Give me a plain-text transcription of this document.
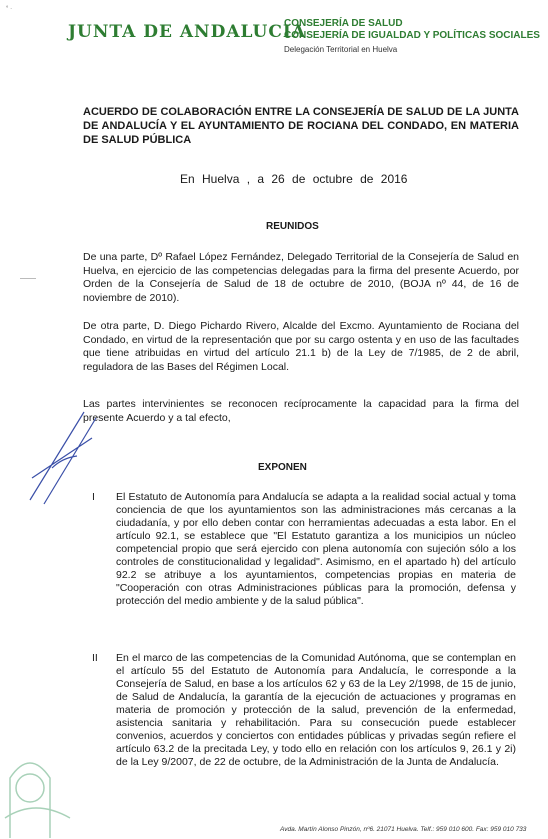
° ·
JUNTA DE ANDALUCIA
CONSEJERÍA DE SALUD
CONSEJERÍA DE IGUALDAD Y POLÍTICAS SOCIALES
Delegación Territorial en Huelva
ACUERDO DE COLABORACIÓN ENTRE LA CONSEJERÍA DE SALUD DE LA JUNTA DE ANDALUCÍA Y EL AYUNTAMIENTO DE ROCIANA DEL CONDADO, EN MATERIA DE SALUD PÚBLICA
En Huelva , a 26 de octubre de 2016
REUNIDOS
De una parte, Dº Rafael López Fernández, Delegado Territorial de la Consejería de Salud en Huelva, en ejercicio de las competencias delegadas para la firma del presente Acuerdo, por Orden de la Consejería de Salud de 18 de octubre de 2010, (BOJA nº 44, de 16 de noviembre de 2010).
De otra parte, D. Diego Pichardo Rivero, Alcalde del Excmo. Ayuntamiento de Rociana del Condado, en virtud de la representación que por su cargo ostenta y en uso de las facultades que tiene atribuidas en virtud del artículo 21.1 b) de la Ley de 7/1985, de 2 de abril, reguladora de las Bases del Régimen Local.
Las partes intervinientes se reconocen recíprocamente la capacidad para la firma del presente Acuerdo y a tal efecto,
EXPONEN
I El Estatuto de Autonomía para Andalucía se adapta a la realidad social actual y toma conciencia de que los ayuntamientos son las administraciones más cercanas a la ciudadanía, y por ello deben contar con herramientas adecuadas a esta labor. En el artículo 92.1, se establece que "El Estatuto garantiza a los municipios un núcleo competencial propio que será ejercido con plena autonomía con sujeción sólo a los controles de constitucionalidad y legalidad". Asimismo, en el apartado h) del artículo 92.2 se atribuye a los ayuntamientos, competencias propias en materia de "Cooperación con otras Administraciones públicas para la promoción, defensa y protección del medio ambiente y de la salud pública".
II En el marco de las competencias de la Comunidad Autónoma, que se contemplan en el artículo 55 del Estatuto de Autonomía para Andalucía, le corresponde a la Consejería de Salud, en base a los artículos 62 y 63 de la Ley 2/1998, de 15 de junio, de Salud de Andalucía, la garantía de la ejecución de actuaciones y programas en materia de promoción y protección de la salud, prevención de la enfermedad, asistencia sanitaria y rehabilitación. Para su consecución puede establecer convenios, acuerdos y conciertos con entidades públicas y privadas según refiere el artículo 63.2 de la precitada Ley, y todo ello en relación con los artículos 9, 26.1 y 2i) de la Ley 9/2007, de 22 de octubre, de la Administración de la Junta de Andalucía.
Avda. Martín Alonso Pinzón, nº6. 21071 Huelva. Telf.: 959 010 600. Fax: 959 010 733
